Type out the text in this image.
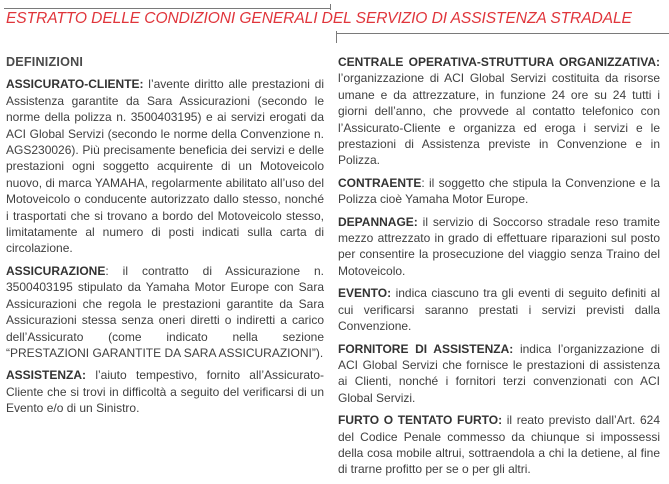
ESTRATTO DELLE CONDIZIONI GENERALI DEL SERVIZIO DI ASSISTENZA STRADALE
DEFINIZIONI

ASSICURATO-CLIENTE: l’avente diritto alle prestazioni di Assistenza garantite da Sara Assicurazioni (secondo le norme della polizza n. 3500403195) e ai servizi erogati da ACI Global Servizi (secondo le norme della Convenzione n. AGS230026). Più precisamente beneficia dei servizi e delle prestazioni ogni soggetto acquirente di un Motoveicolo nuovo, di marca YAMAHA, regolarmente abilitato all’uso del Motoveicolo o conducente autorizzato dallo stesso, nonché i trasportati che si trovano a bordo del Motoveicolo stesso, limitatamente al numero di posti indicati sulla carta di circolazione.

ASSICURAZIONE: il contratto di Assicurazione n. 3500403195 stipulato da Yamaha Motor Europe con Sara Assicurazioni che regola le prestazioni garantite da Sara Assicurazioni stessa senza oneri diretti o indiretti a carico dell’Assicurato (come indicato nella sezione “PRESTAZIONI GARANTITE DA SARA ASSICURAZIONI”).

ASSISTENZA: l’aiuto tempestivo, fornito all’Assicurato-Cliente che si trovi in difficoltà a seguito del verificarsi di un Evento e/o di un Sinistro.

CENTRALE OPERATIVA-STRUTTURA ORGANIZZATIVA: l’organizzazione di ACI Global Servizi costituita da risorse umane e da attrezzature, in funzione 24 ore su 24 tutti i giorni dell’anno, che provvede al contatto telefonico con l’Assicurato-Cliente e organizza ed eroga i servizi e le prestazioni di Assistenza previste in Convenzione e in Polizza.

CONTRAENTE: il soggetto che stipula la Convenzione e la Polizza cioè Yamaha Motor Europe.

DEPANNAGE: il servizio di Soccorso stradale reso tramite mezzo attrezzato in grado di effettuare riparazioni sul posto per consentire la prosecuzione del viaggio senza Traino del Motoveicolo.

EVENTO: indica ciascuno tra gli eventi di seguito definiti al cui verificarsi saranno prestati i servizi previsti dalla Convenzione.

FORNITORE DI ASSISTENZA: indica l’organizzazione di ACI Global Servizi che fornisce le prestazioni di assistenza ai Clienti, nonché i fornitori terzi convenzionati con ACI Global Servizi.

FURTO O TENTATO FURTO: il reato previsto dall’Art. 624 del Codice Penale commesso da chiunque si impossessi della cosa mobile altrui, sottraendola a chi la detiene, al fine di trarne profitto per se o per gli altri.
